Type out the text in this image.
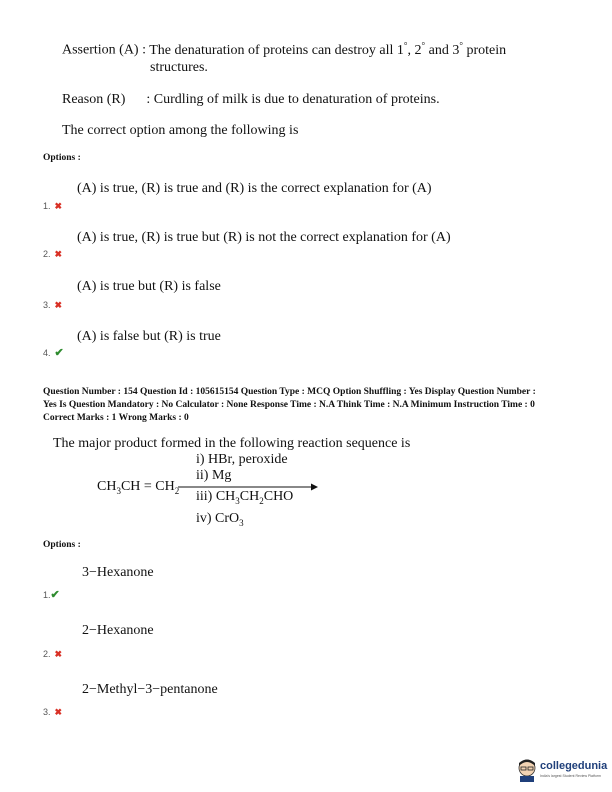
Assertion (A) : The denaturation of proteins can destroy all 1°, 2° and 3° protein
structures.
Reason (R) : Curdling of milk is due to denaturation of proteins.
The correct option among the following is
Options :
(A) is true, (R) is true and (R) is the correct explanation for (A)
1. ✖
(A) is true, (R) is true but (R) is not the correct explanation for (A)
2. ✖
(A) is true but (R) is false
3. ✖
(A) is false but (R) is true
4. ✔
Question Number : 154 Question Id : 105615154 Question Type : MCQ Option Shuffling : Yes Display Question Number :
Yes Is Question Mandatory : No Calculator : None Response Time : N.A Think Time : N.A Minimum Instruction Time : 0
Correct Marks : 1 Wrong Marks : 0
The major product formed in the following reaction sequence is
i) HBr, peroxide
ii) Mg
$CH_3CH = CH_2$ iii) $CH_3CH_2CHO$
iv) CrO$_3$
Options :
3−Hexanone
1.✔
2−Hexanone
2. ✖
2−Methyl−3−pentanone
3. ✖
collegedunia
India's largest Student Review Platform
